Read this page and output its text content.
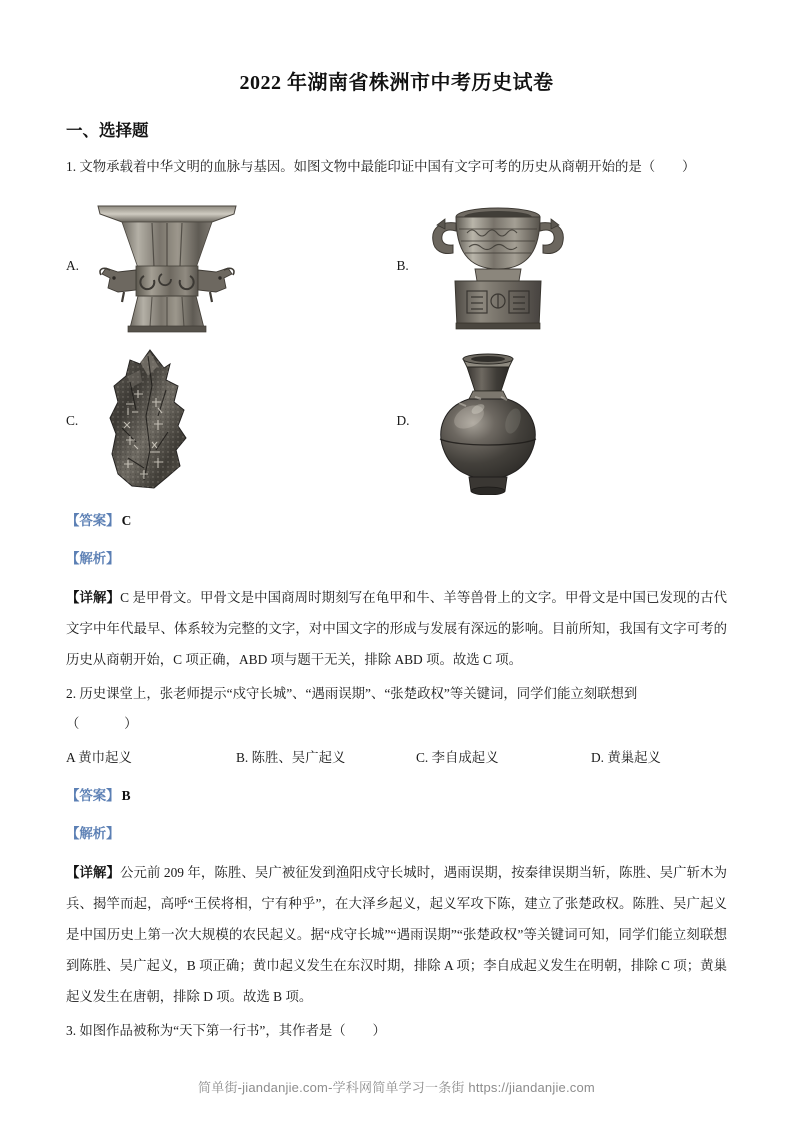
2022 年湖南省株洲市中考历史试卷
一、选择题
1. 文物承载着中华文明的血脉与基因。如图文物中最能印证中国有文字可考的历史从商朝开始的是（　　）
A.	B.
C.	D.
【答案】 C
【解析】
【详解】C 是甲骨文。甲骨文是中国商周时期刻写在龟甲和牛、羊等兽骨上的文字。甲骨文是中国已发现的古代文字中年代最早、体系较为完整的文字，对中国文字的形成与发展有深远的影响。目前所知，我国有文字可考的历史从商朝开始，C 项正确，ABD 项与题干无关，排除 ABD 项。故选 C 项。
2. 历史课堂上，张老师提示“戍守长城”、“遇雨误期”、“张楚政权”等关键词，同学们能立刻联想到
（　　）
A 黄巾起义	B. 陈胜、吴广起义	C. 李自成起义	D. 黄巢起义
【答案】 B
【解析】
【详解】公元前 209 年，陈胜、吴广被征发到渔阳戍守长城时，遇雨误期，按秦律误期当斩，陈胜、吴广斩木为兵、揭竿而起，高呼“王侯将相，宁有种乎”，在大泽乡起义，起义军攻下陈，建立了张楚政权。陈胜、吴广起义是中国历史上第一次大规模的农民起义。据“戍守长城”“遇雨误期”“张楚政权”等关键词可知，同学们能立刻联想到陈胜、吴广起义，B 项正确；黄巾起义发生在东汉时期，排除 A 项；李自成起义发生在明朝，排除 C 项；黄巢起义发生在唐朝，排除 D 项。故选 B 项。
3. 如图作品被称为“天下第一行书”，其作者是（　　）
简单街-jiandanjie.com-学科网简单学习一条街 https://jiandanjie.com
